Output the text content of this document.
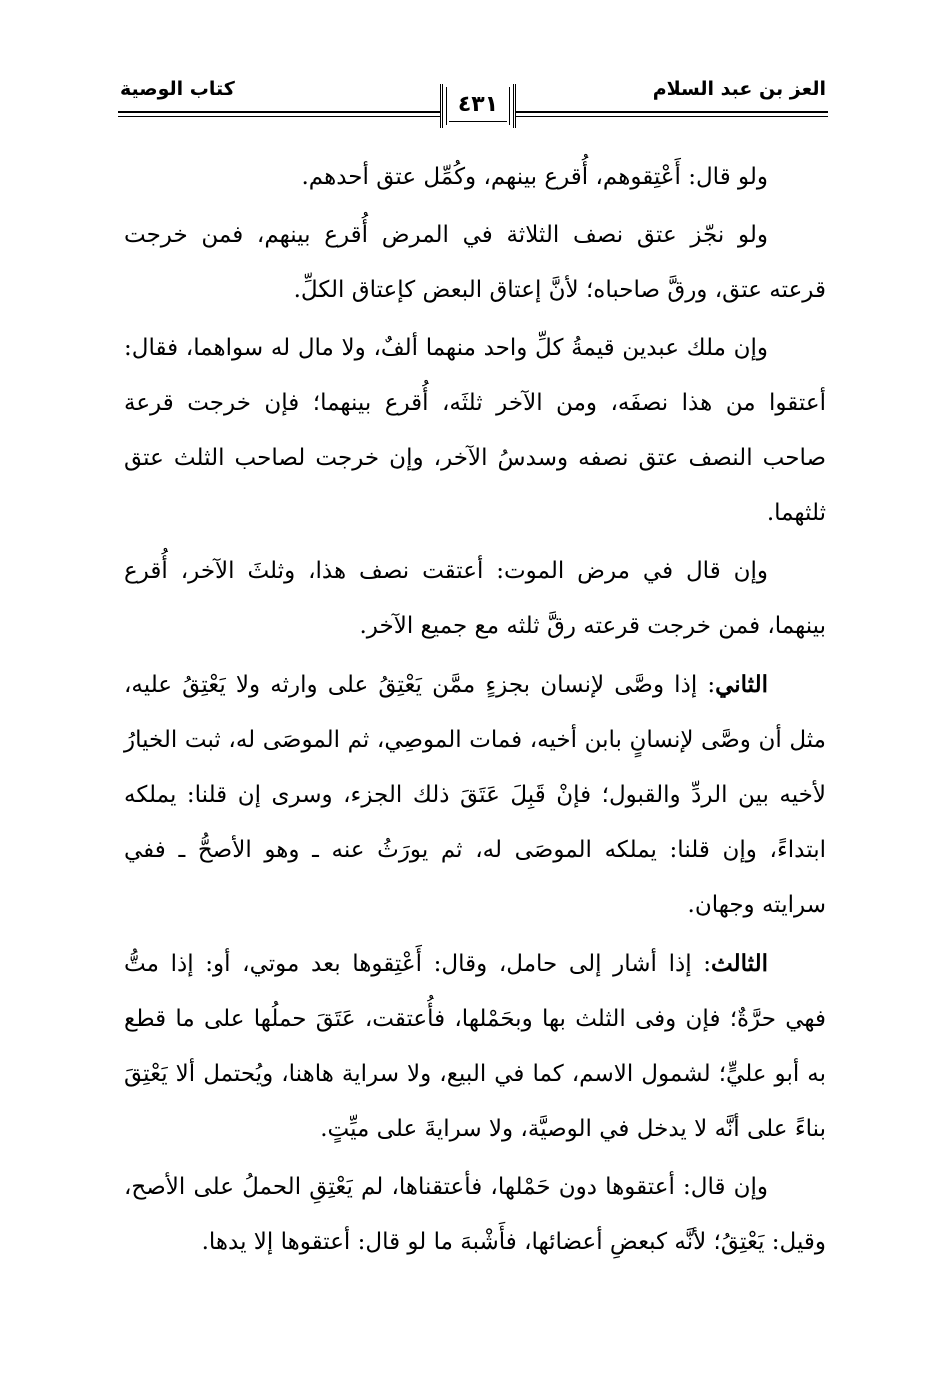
العز بن عبد السلام
كتاب الوصية
٤٣١

ولو قال: أَعْتِقوهم، أُقرع بينهم، وكُمِّل عتق أحدهم.

ولو نجّز عتق نصف الثلاثة في المرض أُقرع بينهم، فمن خرجت قرعته عتق، ورقَّ صاحباه؛ لأنَّ إعتاق البعض كإعتاق الكلِّ.

وإن ملك عبدين قيمةُ كلِّ واحد منهما ألفٌ، ولا مال له سواهما، فقال: أعتقوا من هذا نصفَه، ومن الآخر ثلثَه، أُقرع بينهما؛ فإن خرجت قرعة صاحب النصف عتق نصفه وسدسُ الآخر، وإن خرجت لصاحب الثلث عتق ثلثهما.

وإن قال في مرض الموت: أعتقت نصف هذا، وثلثَ الآخر، أُقرع بينهما، فمن خرجت قرعته رقَّ ثلثه مع جميع الآخر.

الثاني: إذا وصَّى لإنسان بجزءٍ ممَّن يَعْتِقُ على وارثه ولا يَعْتِقُ عليه، مثل أن وصَّى لإنسانٍ بابن أخيه، فمات الموصِي، ثم الموصَى له، ثبت الخيارُ لأخيه بين الردِّ والقبول؛ فإنْ قَبِلَ عَتَقَ ذلك الجزء، وسرى إن قلنا: يملكه ابتداءً، وإن قلنا: يملكه الموصَى له، ثم يورَثُ عنه ـ وهو الأصحُّ ـ ففي سرايته وجهان.

الثالث: إذا أشار إلى حامل، وقال: أَعْتِقوها بعد موتي، أو: إذا متُّ فهي حرَّةٌ؛ فإن وفى الثلث بها وبحَمْلها، فأُعتقت، عَتَقَ حملُها على ما قطع به أبو عليٍّ؛ لشمول الاسم، كما في البيع، ولا سراية هاهنا، ويُحتمل ألا يَعْتِقَ بناءً على أنَّه لا يدخل في الوصيَّة، ولا سرايةَ على ميِّتٍ.

وإن قال: أعتقوها دون حَمْلها، فأعتقناها، لم يَعْتِقِ الحملُ على الأصح، وقيل: يَعْتِقُ؛ لأنَّه كبعضِ أعضائها، فأَشْبهَ ما لو قال: أعتقوها إلا يدها.
